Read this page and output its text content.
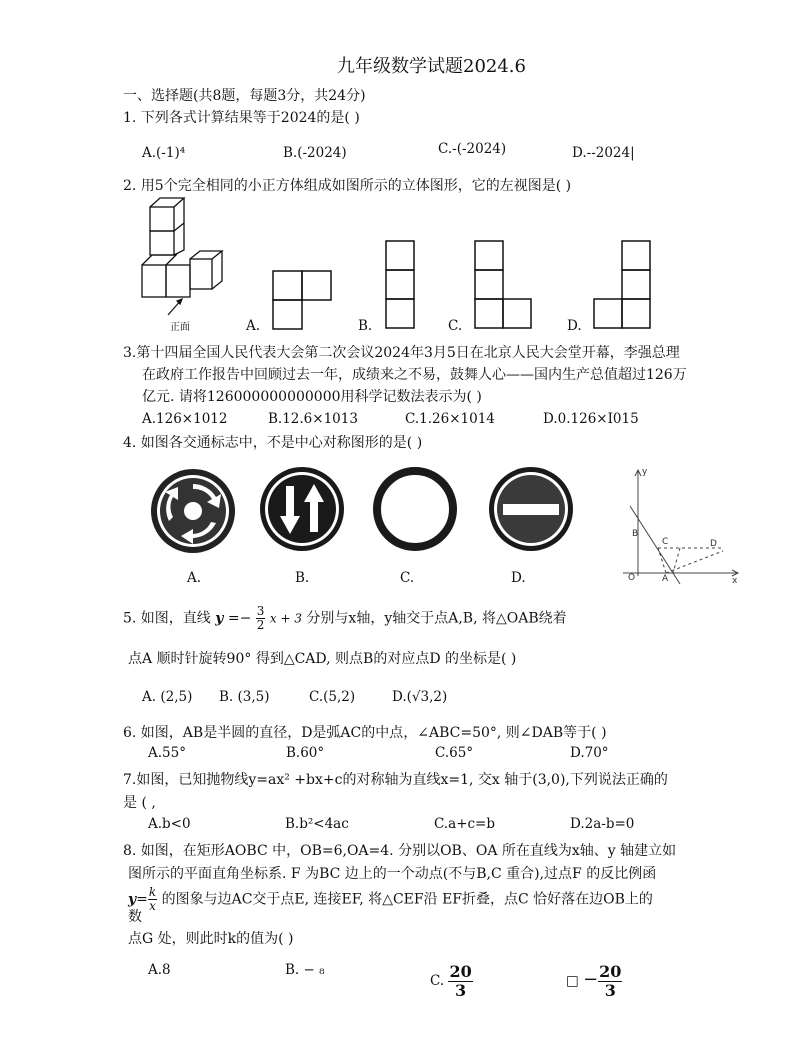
九年级数学试题2024.6
一、选择题(共8题，每题3分，共24分)
1. 下列各式计算结果等于2024的是( )
A.(-1)⁴	B.(-2024)	C.-(-2024)	D.--2024|
2. 用5个完全相同的小正方体组成如图所示的立体图形，它的左视图是( )
正面	A.	B.	C.	D.
3.第十四届全国人民代表大会第二次会议2024年3月5日在北京人民大会堂开幕，李强总理
在政府工作报告中回顾过去一年，成绩来之不易，鼓舞人心——国内生产总值超过126万
亿元. 请将126000000000000用科学记数法表示为( )
A.126×1012	B.12.6×1013	C.1.26×1014	D.0.126×I015
4. 如图各交通标志中，不是中心对称图形的是( )
A.	B.	C.	D.
y
x
O	A
B
C	D
5. 如图，直线 $y =- \frac{3}{2}$ x + 3 分别与x轴，y轴交于点A,B, 将△OAB绕着
点A 顺时针旋转90° 得到△CAD, 则点B的对应点D 的坐标是( )
A. (2,5) B. (3,5)	C.(5,2)	D.(√3,2)
6. 如图，AB是半圆的直径，D是弧AC的中点，∠ABC=50°, 则∠DAB等于( )
A.55°	B.60°	C.65°	D.70°
7.如图，已知抛物线y=ax² +bx+c的对称轴为直线x=1, 交x 轴于(3,0),下列说法正确的
是 ( ,
A.b<0	B.b²<4ac	C.a+c=b	D.2a-b=0
8. 如图，在矩形AOBC 中，OB=6,OA=4. 分别以OB、OA 所在直线为x轴、y 轴建立如
图所示的平面直角坐标系. F 为BC 边上的一个动点(不与B,C 重合),过点F 的反比例函
$y= \frac{k}{x}$ 的图象与边AC交于点E, 连接EF, 将△CEF沿 EF折叠，点C 恰好落在边OB上的
数
点G 处，则此时k的值为( )
A.8	B. − ₈
C. $\frac{20}{3}$	□ − $\frac{20}{3}$
